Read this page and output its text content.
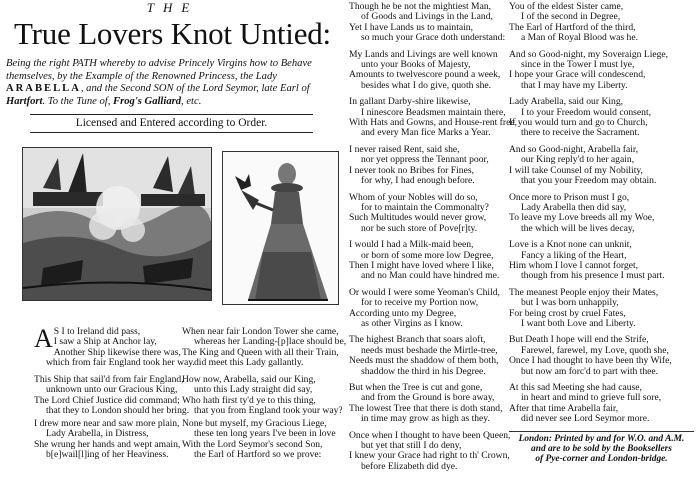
THE
True Lovers Knot Untied:
Being the right PATH whereby to advise Princely Virgins how to Behave themselves, by the Example of the Renowned Princess, the Lady ARABELLA, and the Second SON of the Lord Seymor, late Earl of Hartfort. To the Tune of, Frog's Galliard, etc.
Licensed and Entered according to Order.
A S I to Ireland did pass,
I saw a Ship at Anchor lay,
Another Ship likewise there was,
which from fair England took her way.
This Ship that sail'd from fair England,
unknown unto our Gracious King,
The Lord Chief Justice did command;
that they to London should her bring.
I drew more near and saw more plain,
Lady Arabella, in Distress,
She wrung her hands and wept amain,
b[e]wail[l]ing of her Heaviness.
When near fair London Tower she came,
whereas her Landing-[p]lace should be,
The King and Queen with all their Train,
did meet this Lady gallantly.
How now, Arabella, said our King,
unto this Lady straight did say,
Who hath first ty'd ye to this thing,
that you from England took your way?
None but myself, my Gracious Liege,
these ten long years I've been in love
With the Lord Seymor's second Son,
the Earl of Hartford so we prove:
Though he be not the mightiest Man,
of Goods and Livings in the Land,
Yet I have Lands us to maintain,
so much your Grace doth understand:
My Lands and Livings are well known
unto your Books of Majesty,
Amounts to twelvescore pound a week,
besides what I do give, quoth she.
In gallant Darby-shire likewise,
I ninescore Beadsmen maintain there,
With Hats and Gowns, and House-rent free,
and every Man fice Marks a Year.
I never raised Rent, said she,
nor yet oppress the Tennant poor,
I never took no Bribes for Fines,
for why, I had enough before.
Whom of your Nobles will do so,
for to maintain the Commonalty?
Such Multitudes would never grow,
nor be such store of Pove[r]ty.
I would I had a Milk-maid been,
or born of some more low Degree,
Then I might have loved where I like,
and no Man could have hindred me.
Or would I were some Yeoman's Child,
for to receive my Portion now,
According unto my Degree,
as other Virgins as I know.
The highest Branch that soars aloft,
needs must beshade the Mirtle-tree,
Needs must the shaddow of them both,
shaddow the third in his Degree.
But when the Tree is cut and gone,
and from the Ground is bore away,
The lowest Tree that there is doth stand,
in time may grow as high as they.
Once when I thought to have been Queen,
but yet that still I do deny,
I knew your Grace had right to th' Crown,
before Elizabeth did dye.
You of the eldest Sister came,
I of the second in Degree,
The Earl of Hartford of the third,
a Man of Royal Blood was he.
And so Good-night, my Soveraign Liege,
since in the Tower I must lye,
I hope your Grace will condescend,
that I may have my Liberty.
Lady Arabella, said our King,
I to your Freedom would consent,
If you would turn and go to Church,
there to receive the Sacrament.
And so Good-night, Arabella fair,
our King reply'd to her again,
I will take Counsel of my Nobility,
that you your Freedom may obtain.
Once more to Prison must I go,
Lady Arabella then did say,
To leave my Love breeds all my Woe,
the which will be lives decay,
Love is a Knot none can unknit,
Fancy a liking of the Heart,
Him whom I love I cannot forget,
though from his presence I must part.
The meanest People enjoy their Mates,
but I was born unhappily,
For being crost by cruel Fates,
I want both Love and Liberty.
But Death I hope will end the Strife,
Farewel, farewel, my Love, quoth she,
Once I had thought to have been thy Wife,
but now am forc'd to part with thee.
At this sad Meeting she had cause,
in heart and mind to grieve full sore,
After that time Arabella fair,
did never see Lord Seymor more.
London: Printed by and for W.O. and A.M.
and are to be sold by the Booksellers
of Pye-corner and London-bridge.
